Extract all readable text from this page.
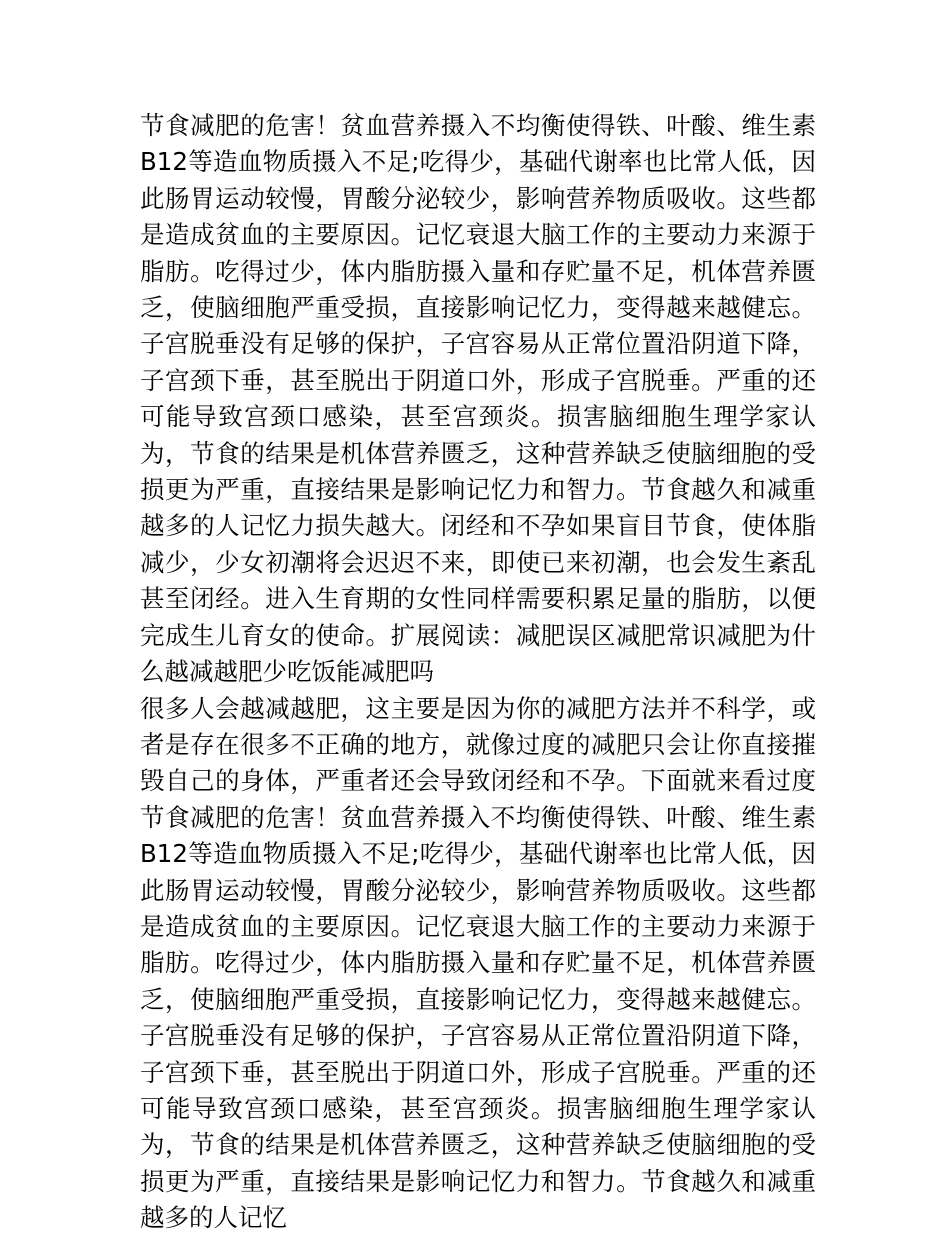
节食减肥的危害！贫血营养摄入不均衡使得铁、叶酸、维生素B12等造血物质摄入不足;吃得少，基础代谢率也比常人低，因此肠胃运动较慢，胃酸分泌较少，影响营养物质吸收。这些都是造成贫血的主要原因。记忆衰退大脑工作的主要动力来源于脂肪。吃得过少，体内脂肪摄入量和存贮量不足，机体营养匮乏，使脑细胞严重受损，直接影响记忆力，变得越来越健忘。子宫脱垂没有足够的保护，子宫容易从正常位置沿阴道下降，子宫颈下垂，甚至脱出于阴道口外，形成子宫脱垂。严重的还可能导致宫颈口感染，甚至宫颈炎。损害脑细胞生理学家认为，节食的结果是机体营养匮乏，这种营养缺乏使脑细胞的受损更为严重，直接结果是影响记忆力和智力。节食越久和减重越多的人记忆力损失越大。闭经和不孕如果盲目节食，使体脂减少，少女初潮将会迟迟不来，即使已来初潮，也会发生紊乱甚至闭经。进入生育期的女性同样需要积累足量的脂肪，以便完成生儿育女的使命。扩展阅读：减肥误区减肥常识减肥为什么越减越肥少吃饭能减肥吗

很多人会越减越肥，这主要是因为你的减肥方法并不科学，或者是存在很多不正确的地方，就像过度的减肥只会让你直接摧毁自己的身体，严重者还会导致闭经和不孕。下面就来看过度节食减肥的危害！贫血营养摄入不均衡使得铁、叶酸、维生素B12等造血物质摄入不足;吃得少，基础代谢率也比常人低，因此肠胃运动较慢，胃酸分泌较少，影响营养物质吸收。这些都是造成贫血的主要原因。记忆衰退大脑工作的主要动力来源于脂肪。吃得过少，体内脂肪摄入量和存贮量不足，机体营养匮乏，使脑细胞严重受损，直接影响记忆力，变得越来越健忘。子宫脱垂没有足够的保护，子宫容易从正常位置沿阴道下降，子宫颈下垂，甚至脱出于阴道口外，形成子宫脱垂。严重的还可能导致宫颈口感染，甚至宫颈炎。损害脑细胞生理学家认为，节食的结果是机体营养匮乏，这种营养缺乏使脑细胞的受损更为严重，直接结果是影响记忆力和智力。节食越久和减重越多的人记忆
